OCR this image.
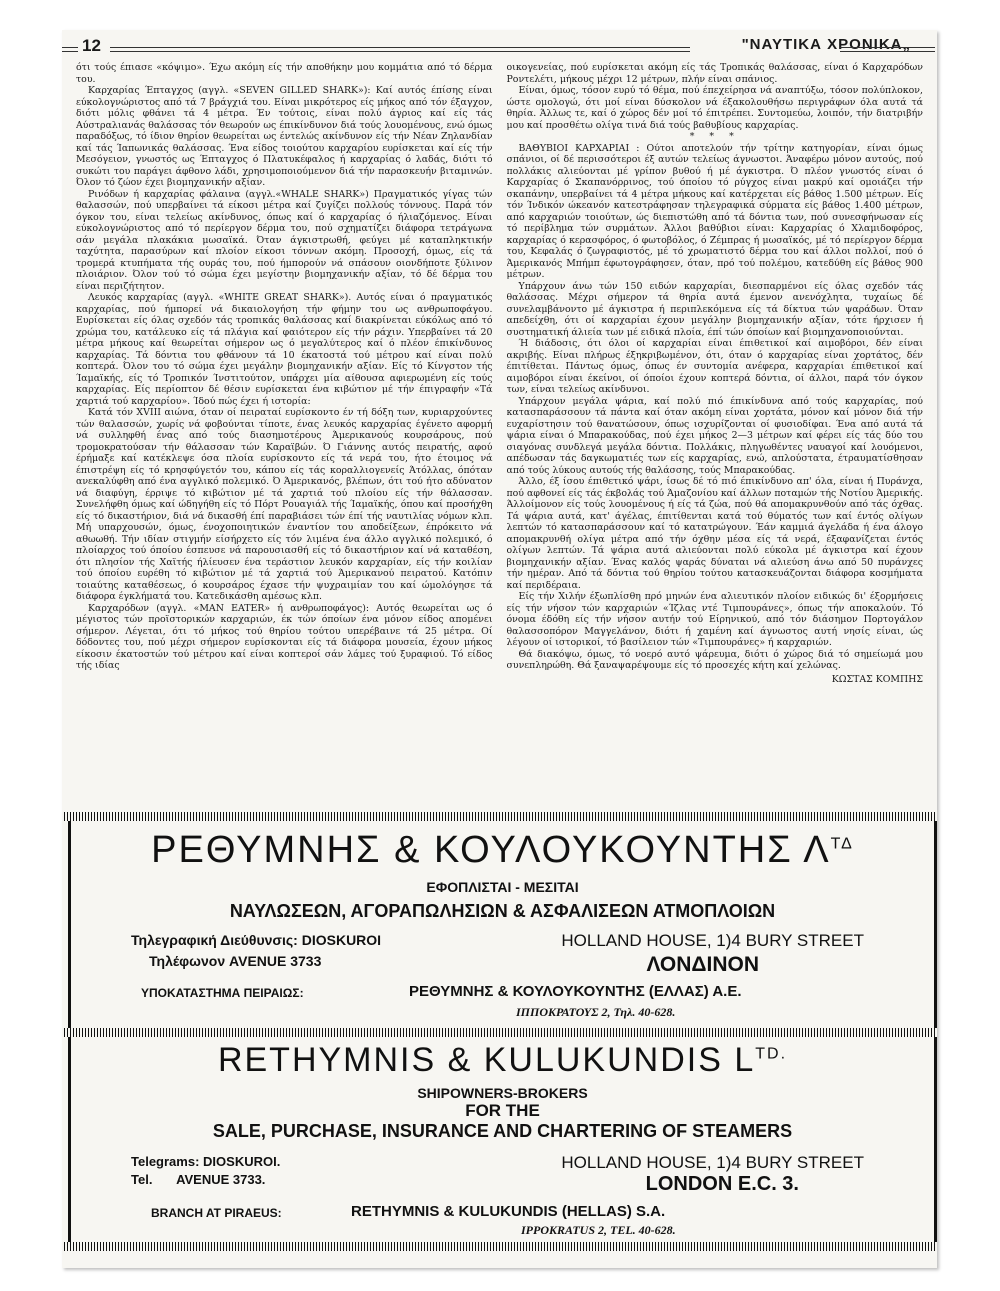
12	"ΝΑΥΤΙΚΑ ΧΡΟΝΙΚΑ„

ότι τούς έπιασε «κόψιμο». Έχω ακόμη είς τήν αποθήκην μου κομμάτια από τό δέρμα του.

Καρχαρίας Έπταγχος (αγγλ. «SEVEN GILLED SHARK»): Καί αυτός έπίσης είναι εύκολογνώριστος από τά 7 βράγχιά του. Είναι μικρότερος είς μήκος από τόν έξαγχον, διότι μόλις φθάνει τά 4 μέτρα. Έν τούτοις, είναι πολύ άγριος καί είς τάς Αύστραλιανάς θαλάσσας τόν θεωρούν ως έπικίνδυνον διά τούς λουομένους, ενώ όμως παραδόξως, τό ίδιον θηρίον θεωρείται ως έντελώς ακίνδυνον είς τήν Νέαν Ζηλανδίαν καί τάς Ίαπωνικάς θαλάσσας. Ένα είδος τοιούτου καρχαρίου ευρίσκεται καί είς τήν Μεσόγειον, γνωστός ως Έπταγχος ό Πλατυκέφαλος ή καρχαρίας ό λαδάς, διότι τό συκώτι του παράγει άφθονο λάδι, χρησιμοποιούμενον διά τήν παρασκευήν βιταμινών. Όλον τό ζώον έχει βιομηχανικήν αξίαν.

Ρινόδων ή καρχαρίας φάλαινα (αγγλ.«WHALE SHARK») Πραγματικός γίγας τών θαλασσών, πού υπερβαίνει τά είκοσι μέτρα καί ζυγίζει πολλούς τόννους. Παρά τόν όγκον του, είναι τελείως ακίνδυνος, όπως καί ό καρχαρίας ό ήλιαζόμενος. Είναι εύκολογνώριστος από τό περίεργον δέρμα του, πού σχηματίζει διάφορα τετράγωνα σάν μεγάλα πλακάκια μωσαϊκά. Όταν άγκιστρωθή, φεύγει μέ καταπληκτικήν ταχύτητα, παρασύρων καί πλοίον είκοσι τόννων ακόμη. Προσοχή, όμως, είς τά τρομερά κτυπήματα τής ουράς του, πού ήμπορούν νά σπάσουν οιονδήποτε ξύλινον πλοιάριον. Όλον τού τό σώμα έχει μεγίστην βιομηχανικήν αξίαν, τό δέ δέρμα του είναι περιζήτητον.

Λευκός καρχαρίας (αγγλ. «WHITE GREAT SHARK»). Αυτός είναι ό πραγματικός καρχαρίας, πού ήμπορεί νά δικαιολογήση τήν φήμην του ως ανθρωποφάγου. Ευρίσκεται είς όλας σχεδόν τάς τροπικάς θαλάσσας καί διακρίνεται εύκόλως από τό χρώμα του, κατάλευκο είς τά πλάγια καί φαιότερον είς τήν ράχιν. Υπερβαίνει τά 20 μέτρα μήκους καί θεωρείται σήμερον ως ό μεγαλύτερος καί ό πλέον έπικίνδυνος καρχαρίας. Τά δόντια του φθάνουν τά 10 έκατοστά τού μέτρου καί είναι πολύ κοπτερά. Όλον του τό σώμα έχει μεγάλην βιομηχανικήν αξίαν. Είς τό Κίνγστον τής Ίαμαϊκής, είς τό Τροπικόν Ίνστιτούτον, υπάρχει μία αίθουσα αφιερωμένη είς τούς καρχαρίας. Είς περίοπτον δέ θέσιν ευρίσκεται ένα κιβώτιον μέ τήν έπιγραφήν «Τά χαρτιά τού καρχαρίου». Ίδού πώς έχει ή ιστορία:

Κατά τόν XVIII αιώνα, όταν οί πειραταί ευρίσκοντο έν τή δόξη των, κυριαρχούντες τών θαλασσών, χωρίς νά φοβούνται τίποτε, ένας λευκός καρχαρίας έγένετο αφορμή νά συλληφθή ένας από τούς διασημοτέρους Άμερικανούς κουρσάρους, πού τρομοκρατούσαν τήν θάλασσαν τών Καραϊβών. Ό Γιάννης αυτός πειρατής, αφού έρήμαξε καί κατέκλεψε όσα πλοία ευρίσκοντο είς τά νερά του, ήτο έτοιμος νά έπιστρέψη είς τό κρησφύγετόν του, κάπου είς τάς κοραλλιογενείς Άτόλλας, όπόταν ανεκαλύφθη από ένα αγγλικό πολεμικό. Ό Άμερικανός, βλέπων, ότι τού ήτο αδύνατον νά διαφύγη, έρριψε τό κιβώτιον μέ τά χαρτιά τού πλοίου είς τήν θάλασσαν. Συνελήφθη όμως καί ώδηγήθη είς τό Πόρτ Ρουαγιάλ τής Ίαμαϊκής, όπου καί προσήχθη είς τό δικαστήριον, διά νά δικασθή έπί παραβιάσει τών έπί τής ναυτιλίας νόμων κλπ. Μή υπαρχουσών, όμως, ένοχοποιητικών έναντίον του αποδείξεων, έπρόκειτο νά αθωωθή. Τήν ιδίαν στιγμήν είσήρχετο είς τόν λιμένα ένα άλλο αγγλικό πολεμικό, ό πλοίαρχος τού όποίου έσπευσε νά παρουσιασθή είς τό δικαστήριον καί νά καταθέση, ότι πλησίον τής Χαϊτής ήλίευσεν ένα τεράστιον λευκόν καρχαρίαν, είς τήν κοιλίαν τού όποίου ευρέθη τό κιβώτιον μέ τά χαρτιά τού Άμερικανού πειρατού. Κατόπιν τοιαύτης καταθέσεως, ό κουρσάρος έχασε τήν ψυχραιμίαν του καί ώμολόγησε τά διάφορα έγκλήματά του. Κατεδικάσθη αμέσως κλπ.

Καρχαρόδων (αγγλ. «MAN EATER» ή ανθρωποφάγος): Αυτός θεωρείται ως ό μέγιστος τών προϊστορικών καρχαριών, έκ τών όποίων ένα μόνον είδος απομένει σήμερον. Λέγεται, ότι τό μήκος τού θηρίου τούτου υπερέβαινε τά 25 μέτρα. Οί δόδοντες του, πού μέχρι σήμερον ευρίσκονται είς τά διάφορα μουσεία, έχουν μήκος είκοσιν έκατοστών τού μέτρου καί είναι κοπτεροί σάν λάμες τού ξυραφιού. Τό είδος τής ιδίας

οικογενείας, πού ευρίσκεται ακόμη είς τάς Τροπικάς θαλάσσας, είναι ό Καρχαρόδων Ροντελέτι, μήκους μέχρι 12 μέτρων, πλήν είναι σπάνιος.

Είναι, όμως, τόσον ευρύ τό θέμα, πού έπεχείρησα νά αναπτύξω, τόσον πολύπλοκον, ώστε ομολογώ, ότι μοί είναι δύσκολον νά έξακολουθήσω περιγράφων όλα αυτά τά θηρία. Άλλως τε, καί ό χώρος δέν μοί τό έπιτρέπει. Συντομεύω, λοιπόν, τήν διατριβήν μου καί προσθέτω ολίγα τινά διά τούς βαθυβίους καρχαρίας.

* * *

ΒΑΘΥΒΙΟΙ ΚΑΡΧΑΡΙΑΙ : Ούτοι αποτελούν τήν τρίτην κατηγορίαν, είναι όμως σπάνιοι, οί δέ περισσότεροι έξ αυτών τελείως άγνωστοι. Άναφέρω μόνον αυτούς, πού πολλάκις αλιεύονται μέ γρίπον βυθού ή μέ άγκιστρα. Ό πλέον γνωστός είναι ό Καρχαρίας ό Σκαπανόρρινος, τού όποίου τό ρύγχος είναι μακρύ καί ομοιάζει τήν σκαπάνην, υπερβαίνει τά 4 μέτρα μήκους καί κατέρχεται είς βάθος 1.500 μέτρων. Είς τόν Ίνδικόν ώκεανόν κατεστράφησαν τηλεγραφικά σύρματα είς βάθος 1.400 μέτρων, από καρχαριών τοιούτων, ώς διεπιστώθη από τά δόντια των, πού συνεσφήνωσαν είς τό περίβλημα τών συρμάτων. Άλλοι βαθύβιοι είναι: Καρχαρίας ό Χλαμιδοφόρος, καρχαρίας ό κερασφόρος, ό φωτοβόλος, ό Ζέμπρας ή μωσαϊκός, μέ τό περίεργον δέρμα του, Κεφαλάς ό ζωγραφιστός, μέ τό χρωματιστό δέρμα του καί άλλοι πολλοί, πού ό Άμερικανός Μπήμπ έφωτογράφησεν, όταν, πρό τού πολέμου, κατεδύθη είς βάθος 900 μέτρων.

Υπάρχουν άνω τών 150 ειδών καρχαρίαι, διεσπαρμένοι είς όλας σχεδόν τάς θαλάσσας. Μέχρι σήμερον τά θηρία αυτά έμενον ανενόχλητα, τυχαίως δέ συνελαμβάνοντο μέ άγκιστρα ή περιπλεκόμενα είς τά δίκτυα τών ψαράδων. Όταν απεδείχθη, ότι οί καρχαρίαι έχουν μεγάλην βιομηχανικήν αξίαν, τότε ήρχισεν ή συστηματική άλιεία των μέ ειδικά πλοία, έπί τών όποίων καί βιομηχανοποιούνται.

Ή διάδοσις, ότι όλοι οί καρχαρίαι είναι έπιθετικοί καί αιμοβόροι, δέν είναι ακριβής. Είναι πλήρως έξηκριβωμένον, ότι, όταν ό καρχαρίας είναι χορτάτος, δέν έπιτίθεται. Πάντως όμως, όπως έν συντομία ανέφερα, καρχαρίαι έπιθετικοί καί αιμοβόροι είναι έκείνοι, οί όποίοι έχουν κοπτερά δόντια, οί άλλοι, παρά τόν όγκον των, είναι τελείως ακίνδυνοι.

Υπάρχουν μεγάλα ψάρια, καί πολύ πιό έπικίνδυνα από τούς καρχαρίας, πού κατασπαράσσουν τά πάντα καί όταν ακόμη είναι χορτάτα, μόνον καί μόνον διά τήν ευχαρίστησιν τού θανατώσουν, όπως ισχυρίζονται οί φυσιοδίφαι. Ένα από αυτά τά ψάρια είναι ό Μπαρακούδας, πού έχει μήκος 2—3 μέτρων καί φέρει είς τάς δύο του σιαγόνας συνδλεγά μεγάλα δόντια. Πολλάκις, πληγωθέντες ναυαγοί καί λουόμενοι, απέδωσαν τάς δαγκωματιές των είς καρχαρίας, ενώ, απλούστατα, έτραυματίσθησαν από τούς λύκους αυτούς τής θαλάσσης, τούς Μπαρακούδας.

Άλλο, έξ ίσου έπιθετικό ψάρι, ίσως δέ τό πιό έπικίνδυνο απ' όλα, είναι ή Πυράνχα, πού αφθονεί είς τάς έκβολάς τού Άμαζονίου καί άλλων ποταμών τής Νοτίου Άμερικής. Άλλοίμονον είς τούς λουομένους ή είς τά ζώα, πού θά απομακρυνθούν από τάς όχθας. Τά ψάρια αυτά, κατ' άγέλας, έπιτίθενται κατά τού θύματός των καί έντός ολίγων λεπτών τό κατασπαράσσουν καί τό κατατρώγουν. Έάν καμμιά άγελάδα ή ένα άλογο απομακρυνθή ολίγα μέτρα από τήν όχθην μέσα είς τά νερά, έξαφανίζεται έντός ολίγων λεπτών. Τά ψάρια αυτά αλιεύονται πολύ εύκολα μέ άγκιστρα καί έχουν βιομηχανικήν αξίαν. Ένας καλός ψαράς δύναται νά αλιεύση άνω από 50 πυράνχες τήν ημέραν. Από τά δόντια τού θηρίου τούτου κατασκευάζονται διάφορα κοσμήματα καί περιδέραια.

Είς τήν Χιλήν έξωπλίσθη πρό μηνών ένα αλιευτικόν πλοίον ειδικώς δι' έξορμήσεις είς τήν νήσον τών καρχαριών «Ίζλας ντέ Τιμπουράνες», όπως τήν αποκαλούν. Τό όνομα έδόθη είς τήν νήσον αυτήν τού Είρηνικού, από τόν διάσημον Πορτογάλον θαλασσοπόρον Μαγγελάνον, διότι ή χαμένη καί άγνωστος αυτή νησίς είναι, ώς λέγουν οί ιστορικοί, τό βασίλειον τών «Τιμπουράνες» ή καρχαριών.

Θά διακόψω, όμως, τό νοερό αυτό ψάρευμα, διότι ό χώρος διά τό σημείωμά μου συνεπληρώθη. Θά ξαναψαρέψουμε είς τό προσεχές κήτη καί χελώνας.

ΚΩΣΤΑΣ ΚΟΜΠΗΣ
ΡΕΘΥΜΝΗΣ & ΚΟΥΛΟΥΚΟΥΝΤΗΣ $\Lambda^{T\Delta}$
ΕΦΟΠΛΙΣΤΑΙ - ΜΕΣΙΤΑΙ
ΝΑΥΛΩΣΕΩΝ, ΑΓΟΡΑΠΩΛΗΣΙΩΝ & ΑΣΦΑΛΙΣΕΩΝ ΑΤΜΟΠΛΟΙΩΝ
Τηλεγραφική Διεύθυνσις: DIOSKUROI
Τηλέφωνον AVENUE 3733
HOLLAND HOUSE, 1)4 BURY STREET
ΛΟΝΔΙΝΟΝ
ΥΠΟΚΑΤΑΣΤΗΜΑ ΠΕΙΡΑΙΩΣ:	ΡΕΘΥΜΝΗΣ & ΚΟΥΛΟΥΚΟΥΝΤΗΣ (ΕΛΛΑΣ) Α.Ε.
ΙΠΠΟΚΡΑΤΟΥΣ 2, Τηλ. 40-628.
RETHYMNIS & KULUKUNDIS $L^{TD.}$
SHIPOWNERS-BROKERS
FOR THE
SALE, PURCHASE, INSURANCE AND CHARTERING OF STEAMERS
Telegrams: DIOSKUROI.
Tel. AVENUE 3733.
HOLLAND HOUSE, 1)4 BURY STREET
LONDON E.C. 3.
BRANCH AT PIRAEUS:	RETHYMNIS & KULUKUNDIS (HELLAS) S.A.
IPPOKRATUS 2, TEL. 40-628.
